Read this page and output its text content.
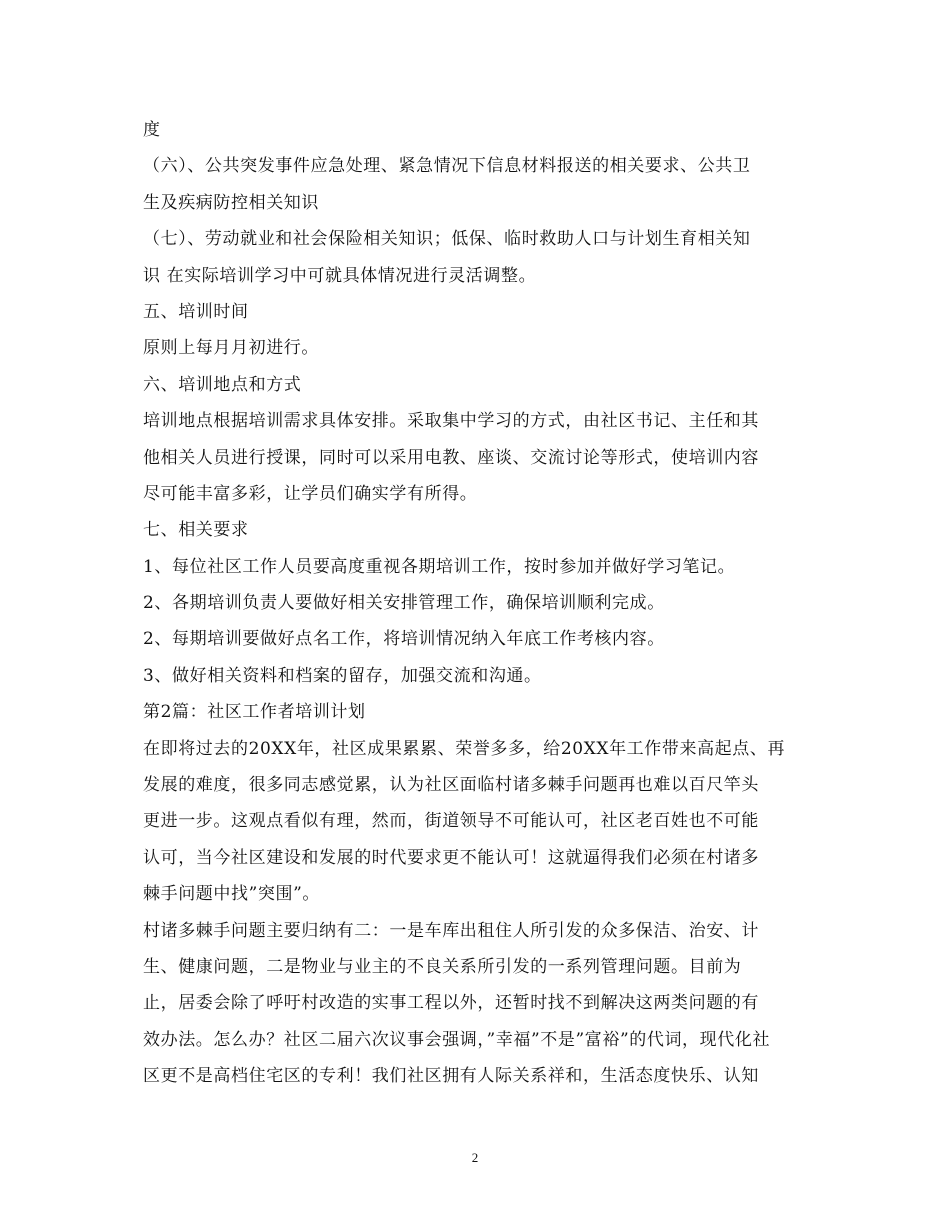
度
（六）、公共突发事件应急处理、紧急情况下信息材料报送的相关要求、公共卫
生及疾病防控相关知识
（七）、劳动就业和社会保险相关知识；低保、临时救助人口与计划生育相关知
识 在实际培训学习中可就具体情况进行灵活调整。
五、培训时间
原则上每月月初进行。
六、培训地点和方式
培训地点根据培训需求具体安排。采取集中学习的方式，由社区书记、主任和其
他相关人员进行授课，同时可以采用电教、座谈、交流讨论等形式，使培训内容
尽可能丰富多彩，让学员们确实学有所得。
七、相关要求
1、每位社区工作人员要高度重视各期培训工作，按时参加并做好学习笔记。
2、各期培训负责人要做好相关安排管理工作，确保培训顺利完成。
2、每期培训要做好点名工作，将培训情况纳入年底工作考核内容。
3、做好相关资料和档案的留存，加强交流和沟通。
第2篇：社区工作者培训计划
在即将过去的20XX年，社区成果累累、荣誉多多，给20XX年工作带来高起点、再
发展的难度，很多同志感觉累，认为社区面临村诸多棘手问题再也难以百尺竿头
更进一步。这观点看似有理，然而，街道领导不可能认可，社区老百姓也不可能
认可，当今社区建设和发展的时代要求更不能认可！这就逼得我们必须在村诸多
棘手问题中找”突围”。
村诸多棘手问题主要归纳有二：一是车库出租住人所引发的众多保洁、治安、计
生、健康问题，二是物业与业主的不良关系所引发的一系列管理问题。目前为
止，居委会除了呼吁村改造的实事工程以外，还暂时找不到解决这两类问题的有
效办法。怎么办？社区二届六次议事会强调，”幸福”不是”富裕”的代词，现代化社
区更不是高档住宅区的专利！我们社区拥有人际关系祥和，生活态度快乐、认知
2
